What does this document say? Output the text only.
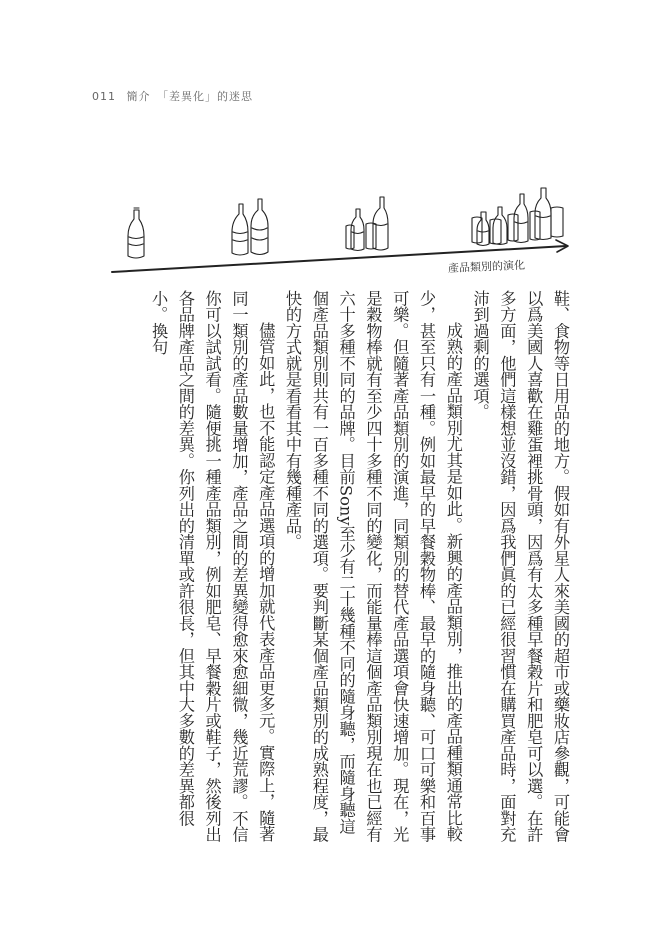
011 簡介　「差異化」的迷思
產品類別的演化

鞋、食物等日用品的地方。假如有外星人來美國的超市或藥妝店參觀，可能會以爲美國人喜歡在雞蛋裡挑骨頭，因爲有太多種早餐穀片和肥皂可以選。在許多方面，他們這樣想並沒錯，因爲我們眞的已經很習慣在購買產品時，面對充沛到過剩的選項。

成熟的產品類別尤其是如此。新興的產品類別，推出的產品種類通常比較少，甚至只有一種。例如最早的早餐穀物棒、最早的隨身聽、可口可樂和百事可樂。但隨著產品類別的演進，同類別的替代產品選項會快速增加。現在，光是穀物棒就有至少四十多種不同的變化，而能量棒這個產品類別現在也已經有六十多種不同的品牌。目前Sony至少有二十幾種不同的隨身聽，而隨身聽這個產品類別則共有一百多種不同的選項。要判斷某個產品類別的成熟程度，最快的方式就是看看其中有幾種產品。

儘管如此，也不能認定產品選項的增加就代表產品更多元。實際上，隨著同一類別的產品數量增加，產品之間的差異變得愈來愈細微，幾近荒謬。不信你可以試試看。隨便挑一種產品類別，例如肥皂、早餐穀片或鞋子，然後列出各品牌產品之間的差異。你列出的清單或許很長，但其中大多數的差異都很小。換句
